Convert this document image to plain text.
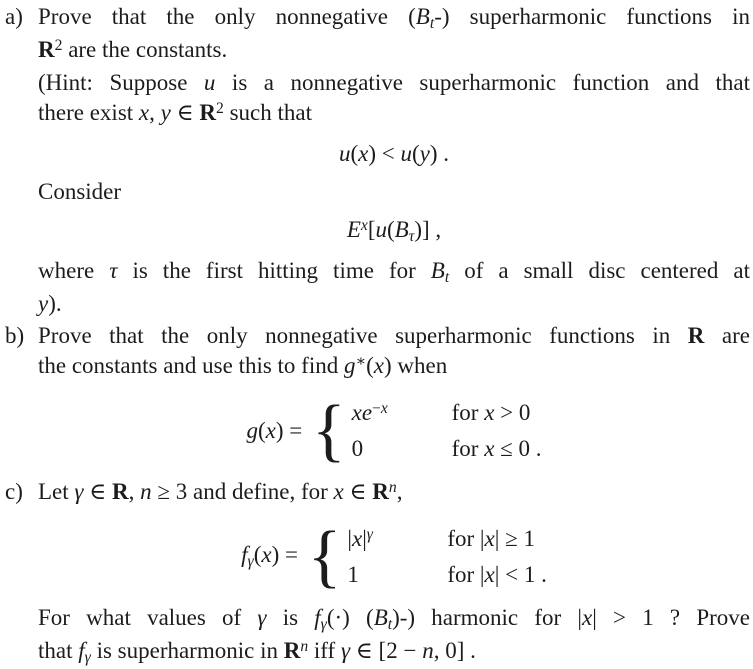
a) Prove that the only nonnegative (Bt-) superharmonic functions in
$R^2$ are the constants.
(Hint: Suppose u is a nonnegative superharmonic function and that
there exist x, y ∈ $R^2$ such that
u(x) < u(y) .
Consider
$E^x[u(B\tau)]$ ,
where τ is the first hitting time for Bt of a small disc centered at
y).
b) Prove that the only nonnegative superharmonic functions in R are
the constants and use this to find g∗(x) when
g(x) = { $xe^{-x}$	for x > 0
0	for x ≤ 0 .
c) Let γ ∈ R, n ≥ 3 and define, for x ∈ $R^n$,
fγ(x) = { $|x|^\gamma$	for |x| ≥ 1
1	for |x| < 1 .
For what values of γ is fγ(·) (Bt)-) harmonic for |x| > 1 ? Prove
that fγ is superharmonic in $R^n$ iff γ ∈ [2 − n, 0] .
